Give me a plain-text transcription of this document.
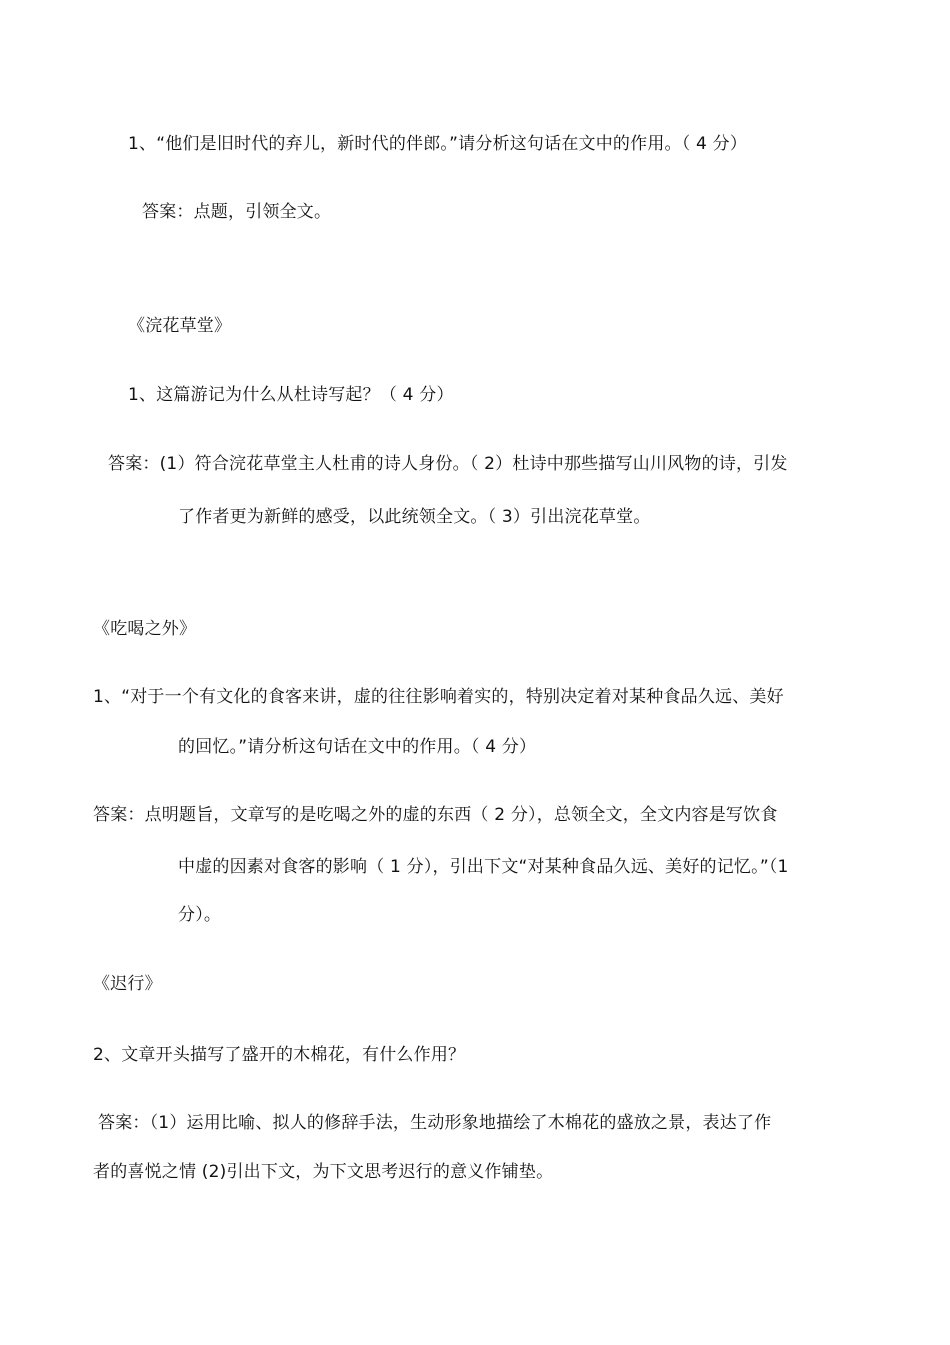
1、“他们是旧时代的弃儿，新时代的伴郎。”请分析这句话在文中的作用。（ 4 分）
答案：点题，引领全文。
《浣花草堂》
1、这篇游记为什么从杜诗写起？（ 4 分）
答案：(1）符合浣花草堂主人杜甫的诗人身份。（ 2）杜诗中那些描写山川风物的诗，引发
了作者更为新鲜的感受，以此统领全文。（ 3）引出浣花草堂。
《吃喝之外》
1、“对于一个有文化的食客来讲，虚的往往影响着实的，特别决定着对某种食品久远、美好
的回忆。”请分析这句话在文中的作用。（ 4 分）
答案：点明题旨，文章写的是吃喝之外的虚的东西（ 2 分），总领全文，全文内容是写饮食
中虚的因素对食客的影响（ 1 分），引出下文“对某种食品久远、美好的记忆。”（1
分）。
《迟行》
2、文章开头描写了盛开的木棉花，有什么作用？
答案：（1）运用比喻、拟人的修辞手法，生动形象地描绘了木棉花的盛放之景，表达了作
者的喜悦之情 (2)引出下文，为下文思考迟行的意义作铺垫。
